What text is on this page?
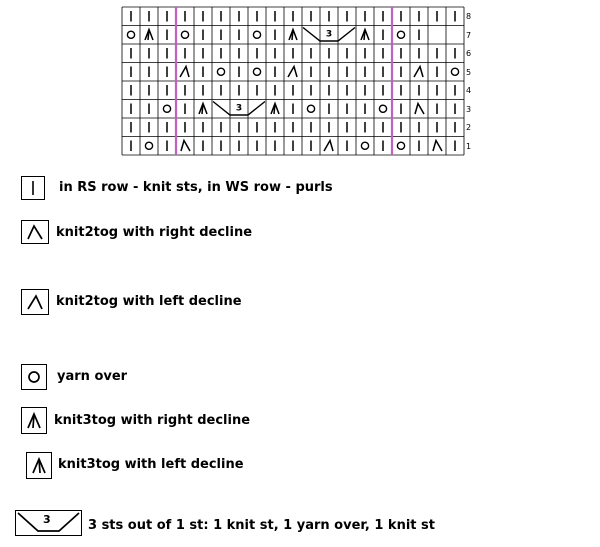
3
3
8
7
6
5
4
3
2
1
in RS row - knit sts, in WS row - purls
knit2tog with right decline
knit2tog with left decline
yarn over
knit3tog with right decline
knit3tog with left decline
3	3 sts out of 1 st: 1 knit st, 1 yarn over, 1 knit st
